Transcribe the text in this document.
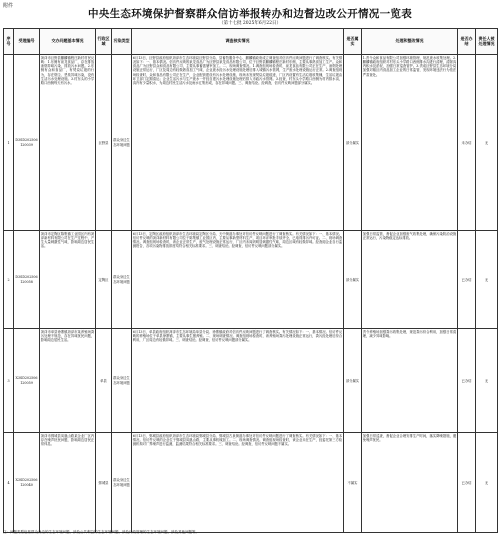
附件
中央生态环境保护督察群众信访举报转办和边督边改公开情况一览表
（第十七批 2025年6月22日）
序号	受理编号	交办问题基本情况	行政区域	污染类型	调查核实情况	是否属实	处理和整改情况	是否办结	责任人被处理情况
1	D3SD202506120039	菏泽市巨野县麒麟镇程庄新村村民反映：1.东侧有泉龙食品厂，存在排放油烟异味污染，排放污水问题。2.东侧有众和食品厂，有焚烧垃圾的行为，存在烟尘、恶臭异味污染，没有生活污水处理设施。3.村东头的小学路口西侧每天有污水。	巨野县	群众身边生态环境问题	6月13日，巨野县政府组织菏泽市生态环境局巨野县分局、县畜牧服务中心、麒麟镇政府成立调查组对信访件反映问题进行了调查核实。有关情况如下：一、基本情况。信访件反映的泉龙食品厂为巨野县泉龙食品有限公司，位于巨野县麒麟镇程庄新村东侧，主要从事熟食加工生产。众和食品厂为巨野县众和食品有限公司，主要从事畜禽屠宰加工。二、现场调查情况。1.调查组现场检查时，泉龙食品有限公司正在生产，油烟处理设施正常运行，厂区及周边有轻微熟食加工气味，企业废水经污水处理设施处理后排入城镇污水管网，生产废水处理设施运行正常。2.调查组现场检查时，众和食品有限公司正在生产，企业配套建设有污水处理设施，现场未发现焚烧垃圾痕迹，厂区内设置有生活垃圾收集桶，生活垃圾由环卫部门定期清运；企业生活污水与生产废水一并经自建污水处理设施处理后排入市政污水管网。3.经查，村东头小学路口西侧为村内排水沟，沟内有少量积水，为周边村民生活污水及雨水汇集形成，存在异味问题。三、调查结论。经调查，信访件反映问题部分属实。	部分属实	1.责令众和食品有限公司加强环境管理，规范废水收集处理。2.麒麟镇政府组织对村东头小学路口西侧排水沟进行清理，清除沟内积水及淤泥，加强日常巡查管护。3.责成巨野县生态环境分局加强对辖区内食品加工企业的日常监管，发现环境违法行为依法严肃查处。	未办结	无
2	D3SD202506120058	菏泽市定陶区陈集镇工业园区内有菏泽新材料有限公司在生产过程中，产生大量刺激性气味，影响周边居民生活。	定陶区	群众身边生态环境问题	6月13日，定陶区政府组织菏泽市生态环境局定陶区分局、天中街道办事处对信访件反映问题进行了调查核实。有关情况如下：一、基本情况。信访件反映的菏泽新材料有限公司位于陈集镇工业园区内，主要从事新型材料生产，项目环评审批手续齐全，已取得排污许可证。二、现场调查情况。调查组现场检查时，该企业正常生产，废气处理设施正常运行，厂区内未闻到明显刺激性气味，周边区域有轻微异味。经查阅企业自行监测报告，各项污染物排放浓度均符合相关标准要求。三、调查结论。经调查，信访件反映问题部分属实。	部分属实	加强日常监管，督促企业加强废气收集处理，确保污染防治设施正常运行，污染物稳定达标排放。	已办结	无
3	X3SD202506120059	菏泽市单县徐寨镇菏泽市某养殖场粪污处理不规范，存在异味扰民问题，影响周边居民生活。	单县	群众身边生态环境问题	6月13日，单县政府组织菏泽市生态环境局单县分局、徐寨镇政府对信访件反映问题进行了调查核实。有关情况如下：一、基本情况。信访件反映的养殖场位于单县徐寨镇，主要从事生猪养殖。二、现场调查情况。调查组现场检查时，该养殖场粪污处理设施正常运行，粪污经处理后综合利用，厂区周边有轻微异味。三、调查结论。经调查，信访件反映问题部分属实。	部分属实	责令养殖场加强粪污收集处理，规范粪污综合利用，加强日常清理，减少异味影响。	已办结	无
4	X3SD202506120040	菏泽市鄄城县凤凰山路某企业厂区内存在噪声扰民问题，影响周边居民正常休息。	鄄城县	群众身边生态环境问题	6月13日，鄄城县政府组织菏泽市生态环境局鄄城县分局、鄄城县古泉街道办事处对信访件反映问题进行了调查核实。有关情况如下：一、基本情况。信访件反映的企业位于鄄城县凤凰山路，主要从事机械加工。二、现场调查情况。调查组现场检查时，该企业未在生产，经委托第三方检测机构对厂界噪声进行监测，监测结果符合相关标准要求。三、调查结论。经调查，信访件反映问题不属实。	不属实	加强日常巡查，督促企业合理安排生产时间，落实降噪措施，避免噪声扰民。	已办结	无
注：问题类型包括群众身边的生态环境问题、涉及公共利益的生态环境问题、涉及行政管理的生态环境问题、涉及其他问题等。
